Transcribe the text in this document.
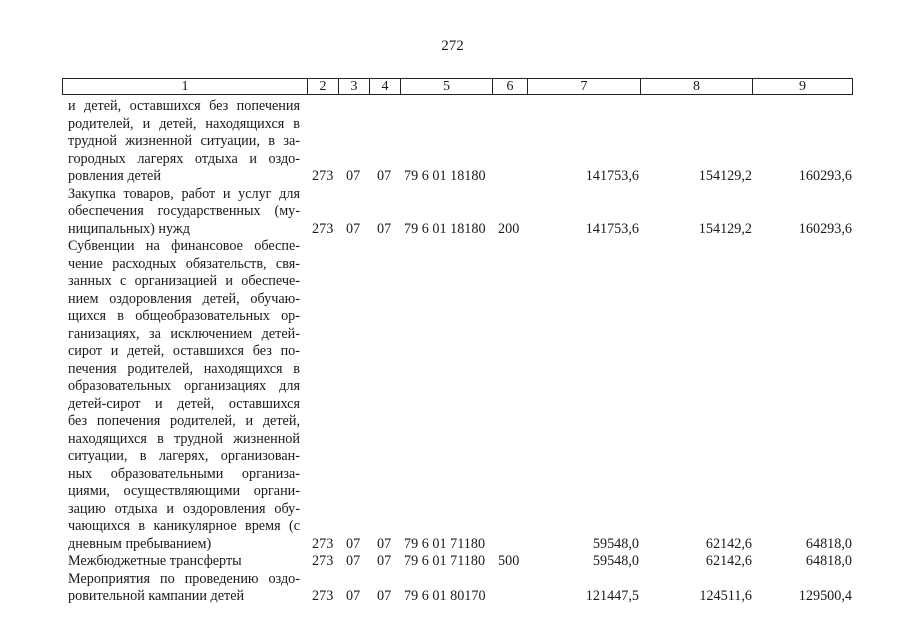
272
1	2	3	4	5	6	7	8	9
и детей, оставшихся без попечения
родителей, и детей, находящихся в
трудной жизненной ситуации, в за-
городных лагерях отдыха и оздо-
ровления детей	273 07 07 79 6 01 18180	141753,6	154129,2	160293,6
Закупка товаров, работ и услуг для
обеспечения государственных (му-
ниципальных) нужд	273 07 07 79 6 01 18180 200	141753,6	154129,2	160293,6
Субвенции на финансовое обеспе-
чение расходных обязательств, свя-
занных с организацией и обеспече-
нием оздоровления детей, обучаю-
щихся в общеобразовательных ор-
ганизациях, за исключением детей-
сирот и детей, оставшихся без по-
печения родителей, находящихся в
образовательных организациях для
детей-сирот и детей, оставшихся
без попечения родителей, и детей,
находящихся в трудной жизненной
ситуации, в лагерях, организован-
ных образовательными организа-
циями, осуществляющими органи-
зацию отдыха и оздоровления обу-
чающихся в каникулярное время (с
дневным пребыванием)	273 07 07 79 6 01 71180	59548,0	62142,6	64818,0
Межбюджетные трансферты	273 07 07 79 6 01 71180 500	59548,0	62142,6	64818,0
Мероприятия по проведению оздо-
ровительной кампании детей	273 07 07 79 6 01 80170	121447,5	124511,6	129500,4
